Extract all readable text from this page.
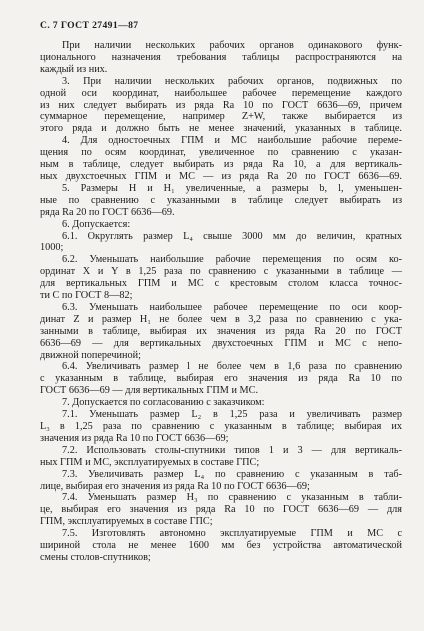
С. 7 ГОСТ 27491—87
При наличии нескольких рабочих органов одинакового функ-
ционального назначения требования таблицы распространяются на
каждый из них.
3. При наличии нескольких рабочих органов, подвижных по
одной оси координат, наибольшее рабочее перемещение каждого
из них следует выбирать из ряда Ra 10 по ГОСТ 6636—69, причем
суммарное перемещение, например Z+W, также выбирается из
этого ряда и должно быть не менее значений, указанных в таблице.
4. Для одностоечных ГПМ и МС наибольшие рабочие переме-
щения по осям координат, увеличенное по сравнению с указан-
ным в таблице, следует выбирать из ряда Ra 10, а для вертикаль-
ных двухстоечных ГПМ и МС — из ряда Ra 20 по ГОСТ 6636—69.
5. Размеры H и H₁ увеличенные, а размеры b, l, уменьшен-
ные по сравнению с указанными в таблице следует выбирать из
ряда Ra 20 по ГОСТ 6636—69.
6. Допускается:
6.1. Округлять размер L₄ свыше 3000 мм до величин, кратных
1000;
6.2. Уменьшать наибольшие рабочие перемещения по осям ко-
ординат X и Y в 1,25 раза по сравнению с указанными в таблице —
для вертикальных ГПМ и МС с крестовым столом класса точнос-
ти С по ГОСТ 8—82;
6.3. Уменьшать наибольшее рабочее перемещение по оси коор-
динат Z и размер H₁ не более чем в 3,2 раза по сравнению с ука-
занными в таблице, выбирая их значения из ряда Ra 20 по ГОСТ
6636—69 — для вертикальных двухстоечных ГПМ и МС с непо-
движной поперечиной;
6.4. Увеличивать размер l не более чем в 1,6 раза по сравнению
с указанным в таблице, выбирая его значения из ряда Ra 10 по
ГОСТ 6636—69 — для вертикальных ГПМ и МС.
7. Допускается по согласованию с заказчиком:
7.1. Уменьшать размер L₂ в 1,25 раза и увеличивать размер
L₃ в 1,25 раза по сравнению с указанным в таблице; выбирая их
значения из ряда Ra 10 по ГОСТ 6636—69;
7.2. Использовать столы-спутники типов 1 и 3 — для вертикаль-
ных ГПМ и МС, эксплуатируемых в составе ГПС;
7.3. Увеличивать размер L₄ по сравнению с указанным в таб-
лице, выбирая его значения из ряда Ra 10 по ГОСТ 6636—69;
7.4. Уменьшать размер H₃ по сравнению с указанным в табли-
це, выбирая его значения из ряда Ra 10 по ГОСТ 6636—69 — для
ГПМ, эксплуатируемых в составе ГПС;
7.5. Изготовлять автономно эксплуатируемые ГПМ и МС с
шириной стола не менее 1600 мм без устройства автоматической
смены столов-спутников;
